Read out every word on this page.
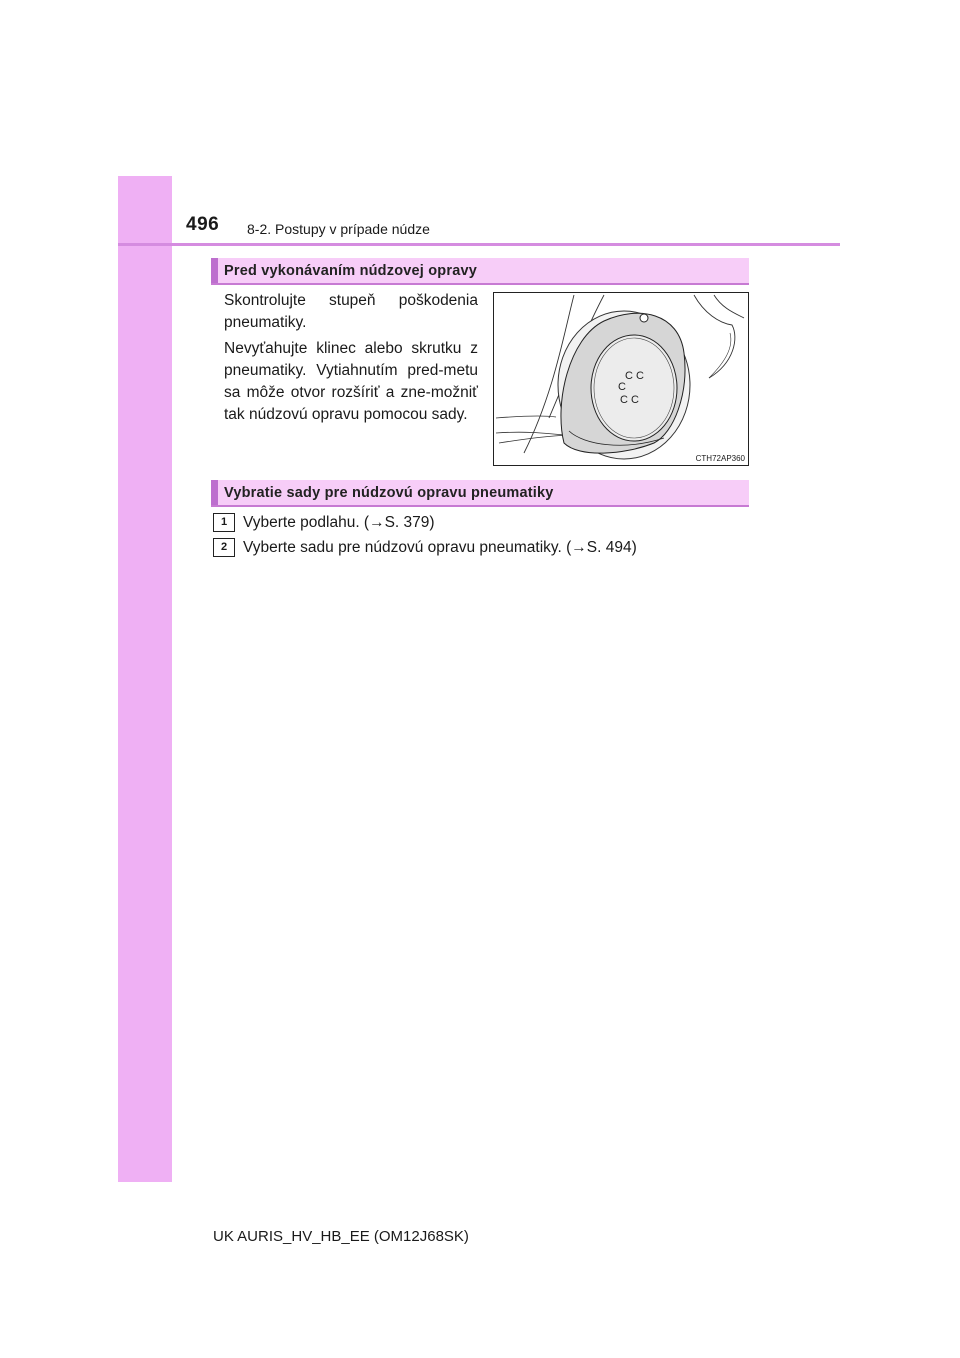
496 8-2. Postupy v prípade núdze
Pred vykonávaním núdzovej opravy

Skontrolujte stupeň poškodenia pneumatiky.

Nevyťahujte klinec alebo skrutku z pneumatiky. Vytiahnutím pred-metu sa môže otvor rozšíriť a zne-možniť tak núdzovú opravu pomocou sady.

C C
C
C C
CTH72AP360
Vybratie sady pre núdzovú opravu pneumatiky
1	Vyberte podlahu. (→S. 379)
2	Vyberte sadu pre núdzovú opravu pneumatiky. (→S. 494)
UK AURIS_HV_HB_EE (OM12J68SK)
